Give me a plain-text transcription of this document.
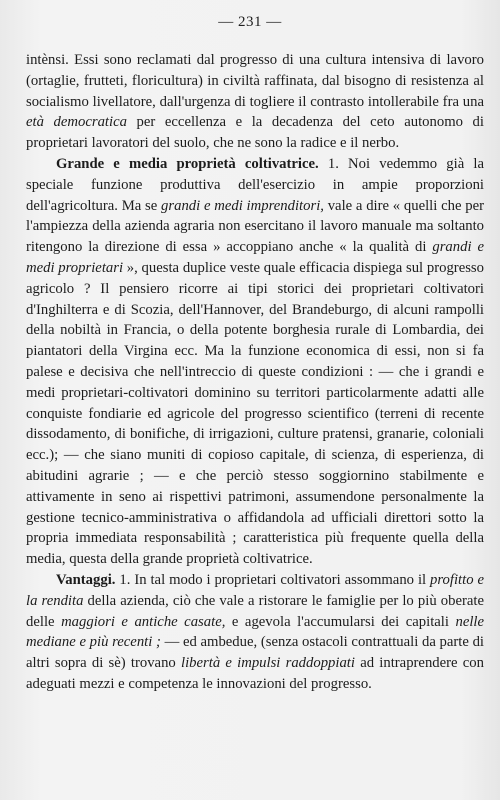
— 231 —

intènsi. Essi sono reclamati dal progresso di una cultura intensiva di lavoro (ortaglie, frutteti, floricultura) in civiltà raffinata, dal bisogno di resistenza al socialismo livellatore, dall'urgenza di togliere il contrasto intollerabile fra una età democratica per eccellenza e la decadenza del ceto autonomo di proprietari lavoratori del suolo, che ne sono la radice e il nerbo.

Grande e media proprietà coltivatrice. 1. Noi vedemmo già la speciale funzione produttiva dell'esercizio in ampie proporzioni dell'agricoltura. Ma se grandi e medi imprenditori, vale a dire « quelli che per l'ampiezza della azienda agraria non esercitano il lavoro manuale ma soltanto ritengono la direzione di essa » accoppiano anche « la qualità di grandi e medi proprietari », questa duplice veste quale efficacia dispiega sul progresso agricolo ? Il pensiero ricorre ai tipi storici dei proprietari coltivatori d'Inghilterra e di Scozia, dell'Hannover, del Brandeburgo, di alcuni rampolli della nobiltà in Francia, o della potente borghesia rurale di Lombardia, dei piantatori della Virgina ecc. Ma la funzione economica di essi, non si fa palese e decisiva che nell'intreccio di queste condizioni : — che i grandi e medi proprietari-coltivatori dominino su territori particolarmente adatti alle conquiste fondiarie ed agricole del progresso scientifico (terreni di recente dissodamento, di bonifiche, di irrigazioni, culture pratensi, granarie, coloniali ecc.); — che siano muniti di copioso capitale, di scienza, di esperienza, di abitudini agrarie ; — e che perciò stesso soggiornino stabilmente e attivamente in seno ai rispettivi patrimoni, assumendone personalmente la gestione tecnico-amministrativa o affidandola ad ufficiali direttori sotto la propria immediata responsabilità ; caratteristica più frequente quella della media, questa della grande proprietà coltivatrice.

Vantaggi. 1. In tal modo i proprietari coltivatori assommano il profitto e la rendita della azienda, ciò che vale a ristorare le famiglie per lo più oberate delle maggiori e antiche casate, e agevola l'accumularsi dei capitali nelle mediane e più recenti ; — ed ambedue, (senza ostacoli contrattuali da parte di altri sopra di sè) trovano libertà e impulsi raddoppiati ad intraprendere con adeguati mezzi e competenza le innovazioni del progresso.
